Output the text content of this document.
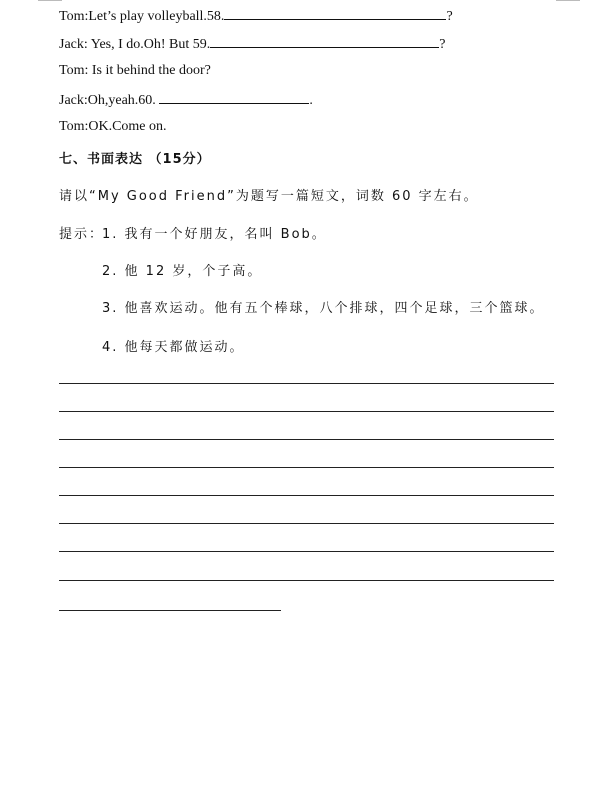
Tom:Let’s play volleyball.58.	?
Jack: Yes, I do.Oh! But 59.	?
Tom: Is it behind the door?
Jack:Oh,yeah.60.	.
Tom:OK.Come on.
七、书面表达 （15分）
请以“My Good Friend”为题写一篇短文，词数 60 字左右。
提示：
1. 我有一个好朋友，名叫 Bob。
2. 他 12 岁，个子高。
3. 他喜欢运动。他有五个棒球，八个排球，四个足球，三个篮球。
4. 他每天都做运动。
